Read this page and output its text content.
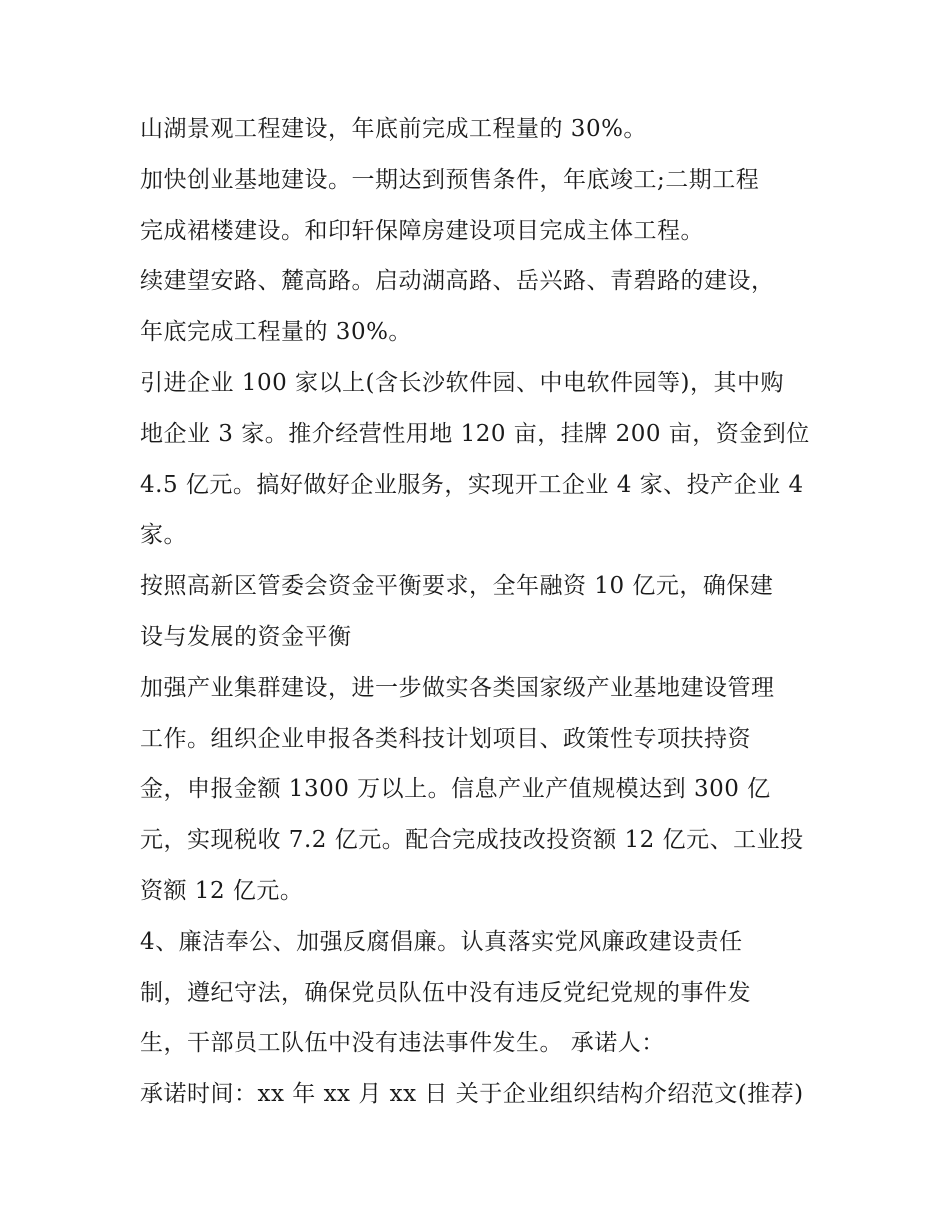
山湖景观工程建设，年底前完成工程量的 30%。
加快创业基地建设。一期达到预售条件，年底竣工;二期工程
完成裙楼建设。和印轩保障房建设项目完成主体工程。
续建望安路、麓高路。启动湖高路、岳兴路、青碧路的建设，
年底完成工程量的 30%。
引进企业 100 家以上(含长沙软件园、中电软件园等)，其中购
地企业 3 家。推介经营性用地 120 亩，挂牌 200 亩，资金到位
4.5 亿元。搞好做好企业服务，实现开工企业 4 家、投产企业 4
家。
按照高新区管委会资金平衡要求，全年融资 10 亿元，确保建
设与发展的资金平衡
加强产业集群建设，进一步做实各类国家级产业基地建设管理
工作。组织企业申报各类科技计划项目、政策性专项扶持资
金，申报金额 1300 万以上。信息产业产值规模达到 300 亿
元，实现税收 7.2 亿元。配合完成技改投资额 12 亿元、工业投
资额 12 亿元。
4、廉洁奉公、加强反腐倡廉。认真落实党风廉政建设责任
制，遵纪守法，确保党员队伍中没有违反党纪党规的事件发
生，干部员工队伍中没有违法事件发生。 承诺人：
承诺时间：xx 年 xx 月 xx 日 关于企业组织结构介绍范文(推荐)
